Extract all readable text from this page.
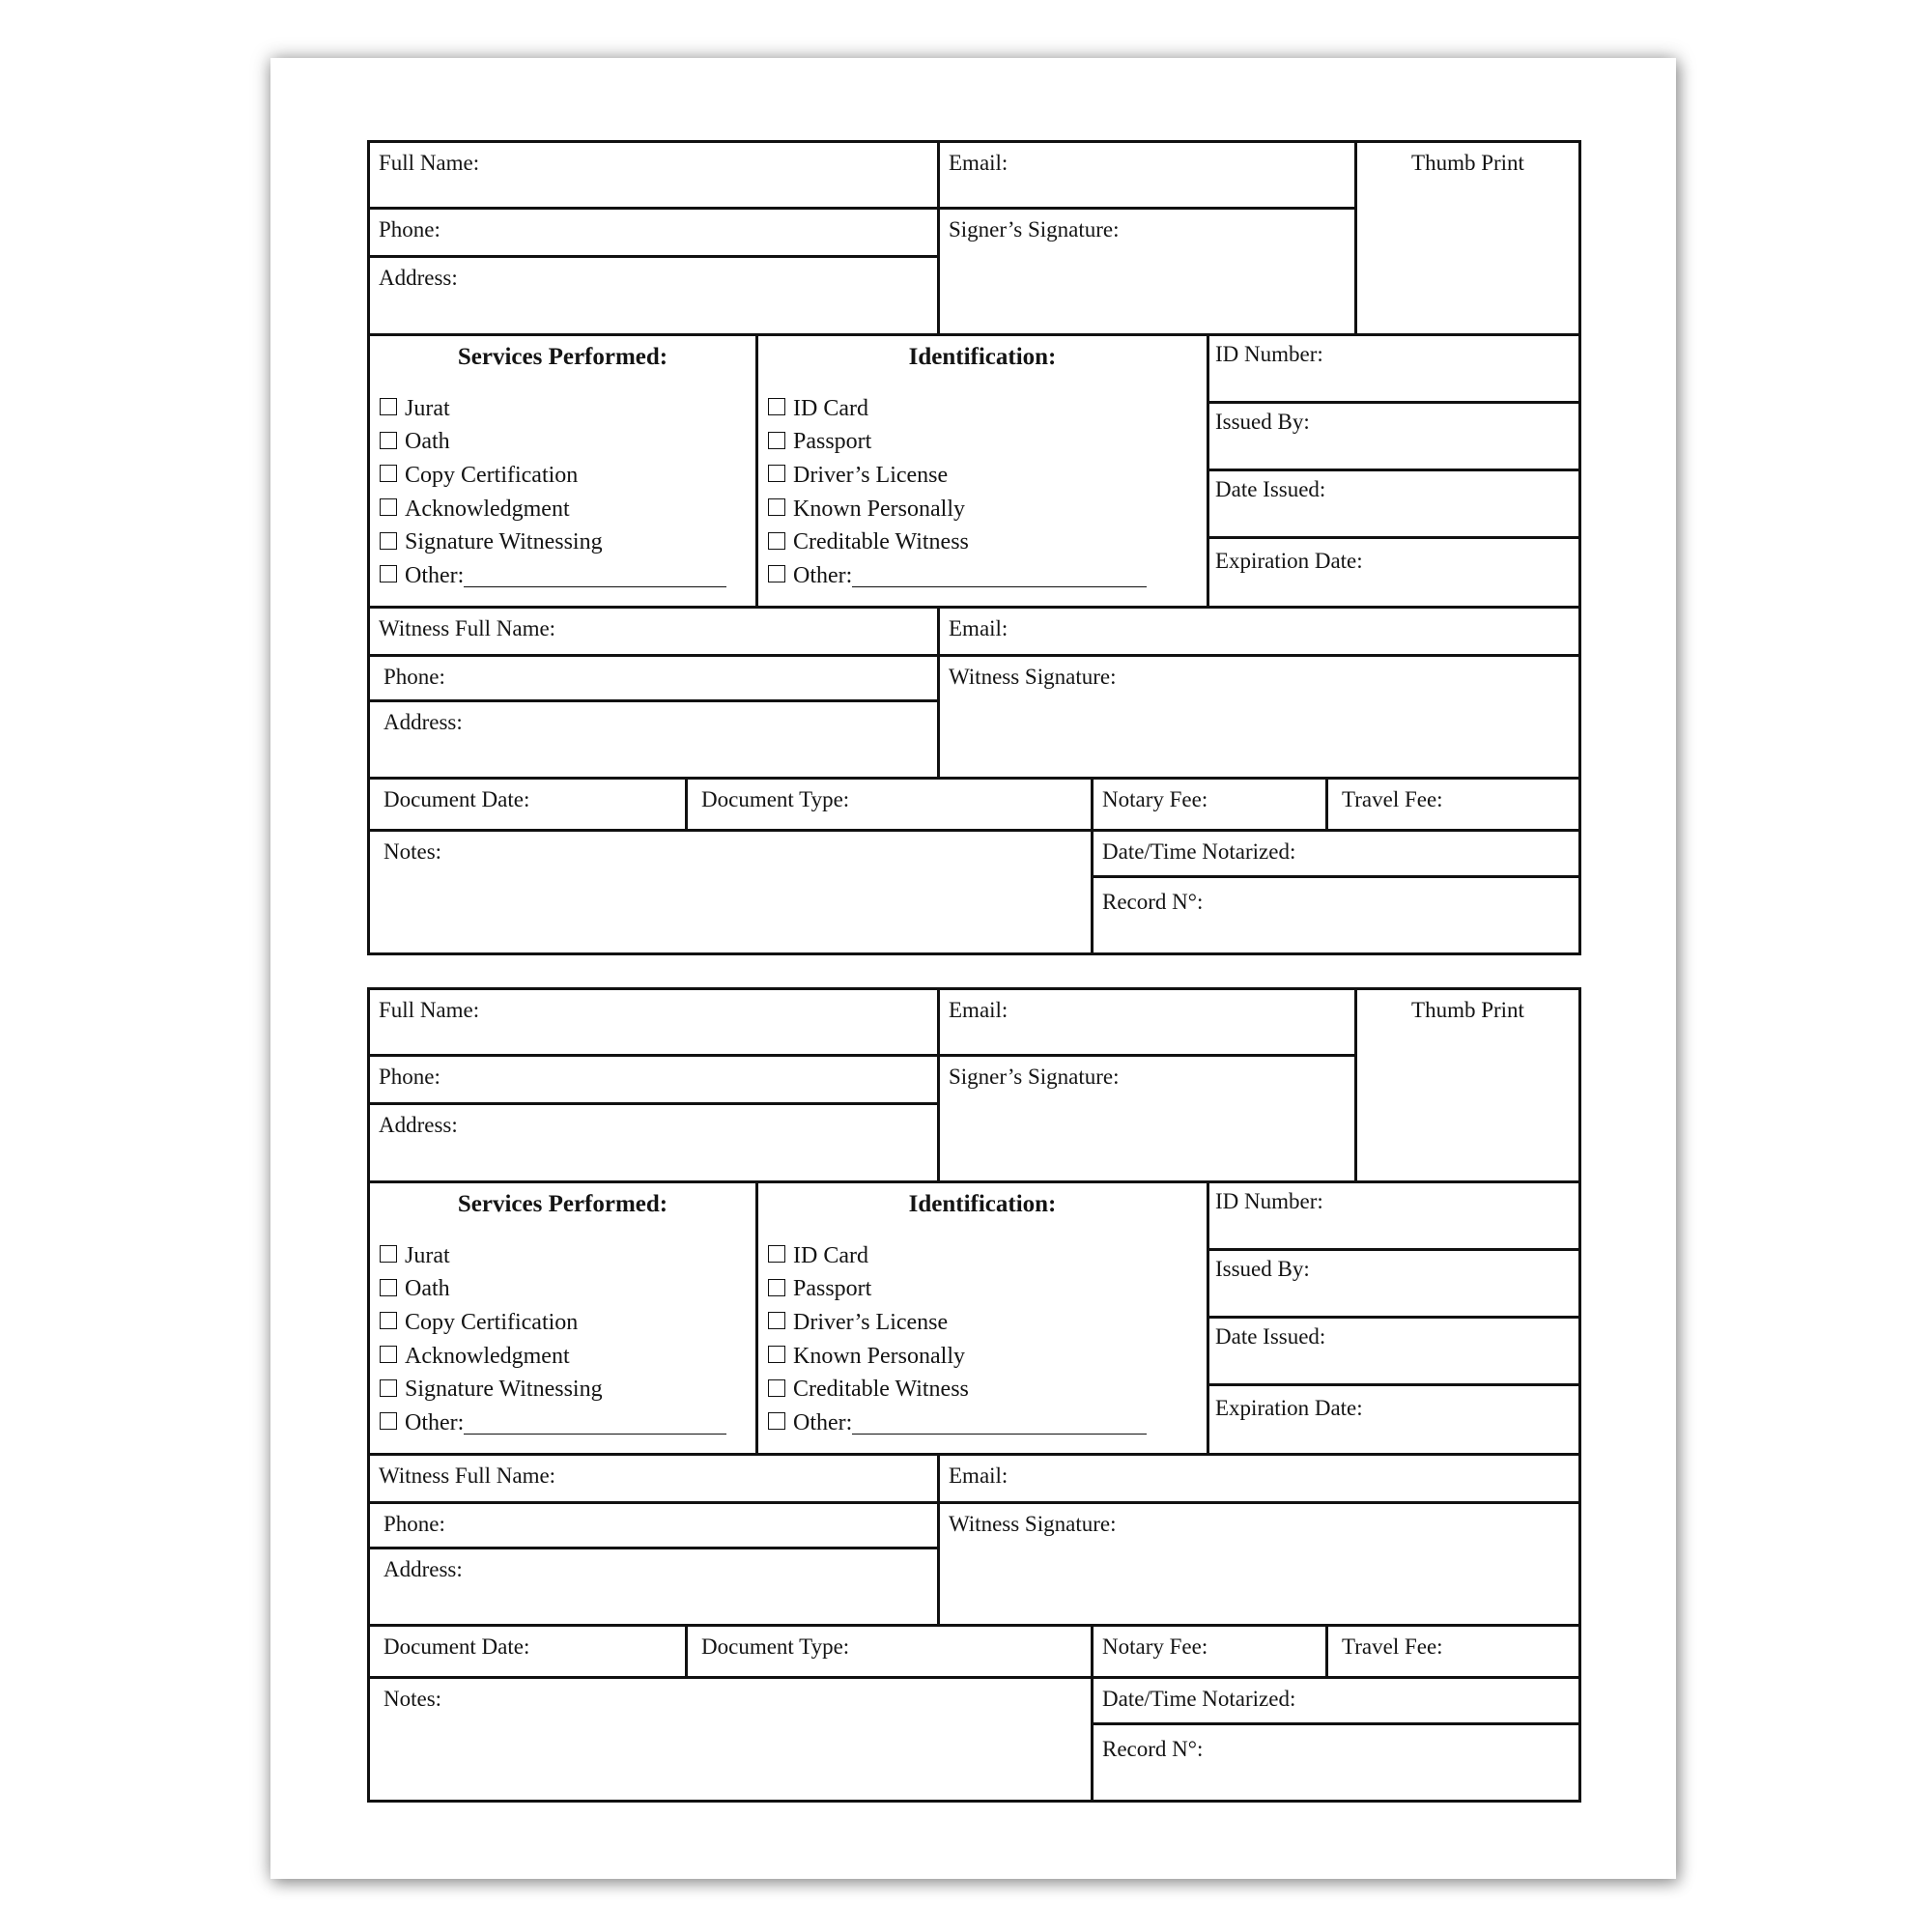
Full Name:	Email:	Thumb Print
Phone:	Signer’s Signature:
Address:
Services Performed:
Jurat
Oath
Copy Certification
Acknowledgment
Signature Witnessing
Other:
Identification:
ID Card
Passport
Driver’s License
Known Personally
Creditable Witness
Other:
ID Number:
Issued By:
Date Issued:
Expiration Date:
Witness Full Name:	Email:
Phone:	Witness Signature:
Address:
Document Date:	Document Type:	Notary Fee:	Travel Fee:
Notes:	Date/Time Notarized:
Record N°:
Full Name:	Email:	Thumb Print
Phone:	Signer’s Signature:
Address:
Services Performed:
Jurat
Oath
Copy Certification
Acknowledgment
Signature Witnessing
Other:
Identification:
ID Card
Passport
Driver’s License
Known Personally
Creditable Witness
Other:
ID Number:
Issued By:
Date Issued:
Expiration Date:
Witness Full Name:	Email:
Phone:	Witness Signature:
Address:
Document Date:	Document Type:	Notary Fee:	Travel Fee:
Notes:	Date/Time Notarized:
Record N°:
